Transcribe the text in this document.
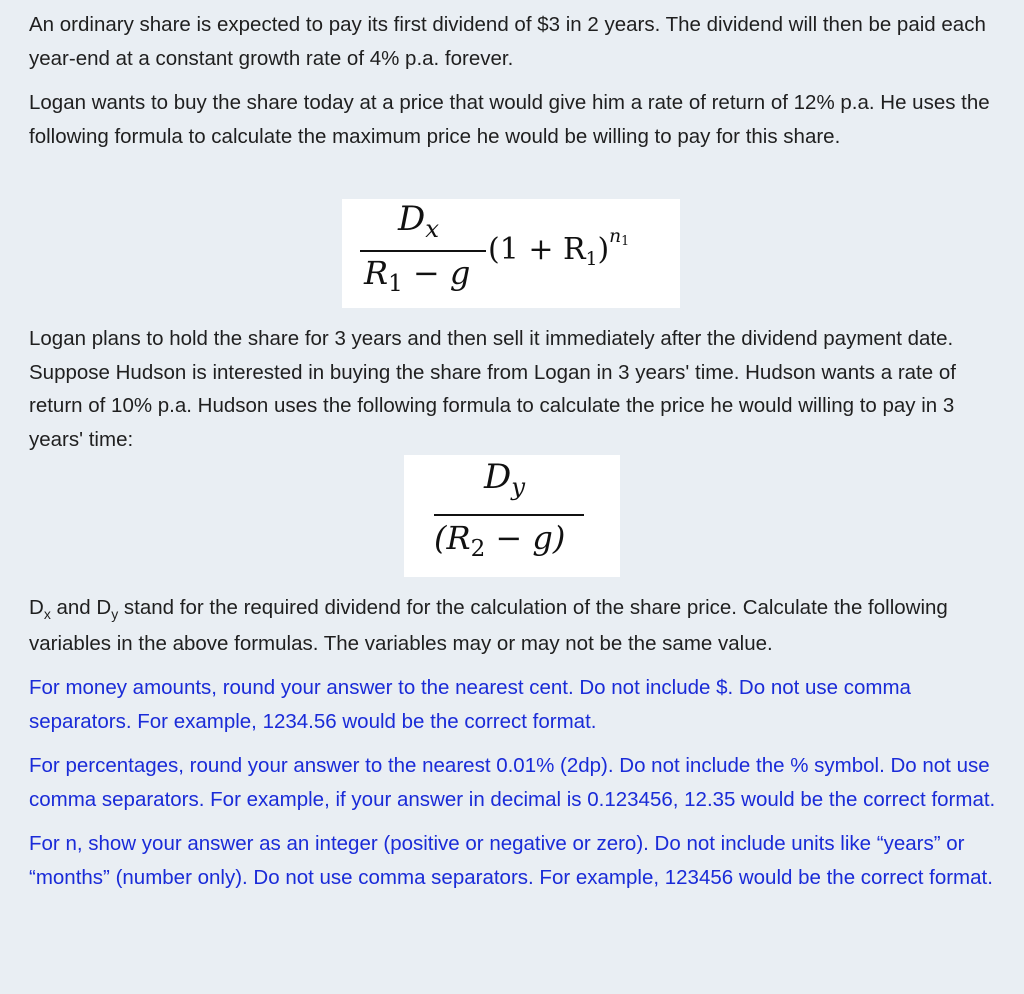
An ordinary share is expected to pay its first dividend of $3 in 2 years. The dividend will then be paid each year-end at a constant growth rate of 4% p.a. forever.

Logan wants to buy the share today at a price that would give him a rate of return of 12% p.a. He uses the following formula to calculate the maximum price he would be willing to pay for this share.

$D_x$
$R_1 - g$
$(1 + R1)^{n1}$

Logan plans to hold the share for 3 years and then sell it immediately after the dividend payment date. Suppose Hudson is interested in buying the share from Logan in 3 years' time. Hudson wants a rate of return of 10% p.a. Hudson uses the following formula to calculate the price he would willing to pay in 3 years' time:

$D_y$
$(R_2 - g)$

$D_x$ and $D_y$ stand for the required dividend for the calculation of the share price. Calculate the following variables in the above formulas. The variables may or may not be the same value.

For money amounts, round your answer to the nearest cent. Do not include $. Do not use comma separators. For example, 1234.56 would be the correct format.

For percentages, round your answer to the nearest 0.01% (2dp). Do not include the % symbol. Do not use comma separators. For example, if your answer in decimal is 0.123456, 12.35 would be the correct format.

For n, show your answer as an integer (positive or negative or zero). Do not include units like “years” or “months” (number only). Do not use comma separators. For example, 123456 would be the correct format.
